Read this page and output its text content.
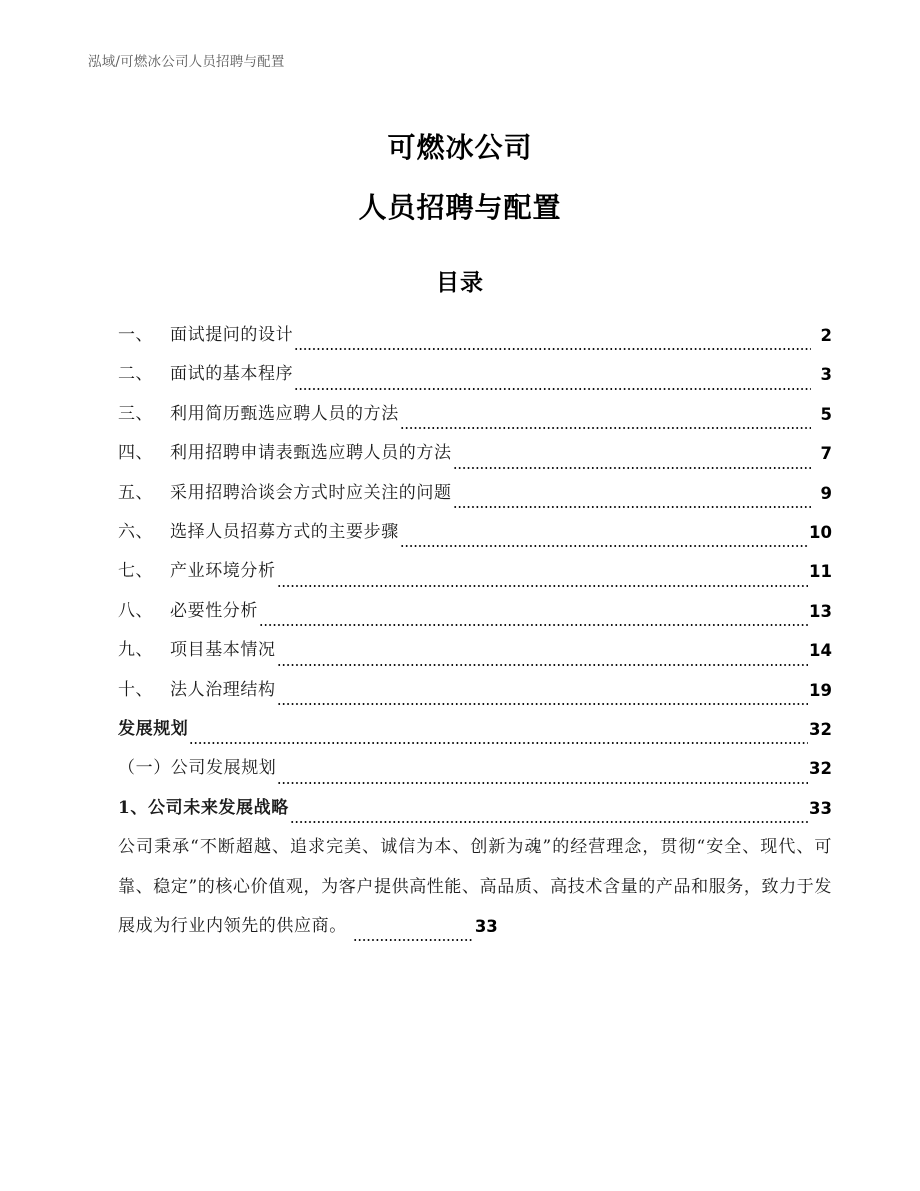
泓域/可燃冰公司人员招聘与配置
可燃冰公司
人员招聘与配置
目录
一、	面试提问的设计	2
二、	面试的基本程序	3
三、	利用简历甄选应聘人员的方法	5
四、	利用招聘申请表甄选应聘人员的方法	7
五、	采用招聘洽谈会方式时应关注的问题	9
六、	选择人员招募方式的主要步骤	10
七、	产业环境分析	11
八、	必要性分析	13
九、	项目基本情况	14
十、	法人治理结构	19
发展规划	32
（一）公司发展规划	32
1、公司未来发展战略	33
公司秉承“不断超越、追求完美、诚信为本、创新为魂”的经营理念，贯彻“安全、现代、可靠、稳定”的核心价值观，为客户提供高性能、高品质、高技术含量的产品和服务，致力于发展成为行业内领先的供应商。	33
